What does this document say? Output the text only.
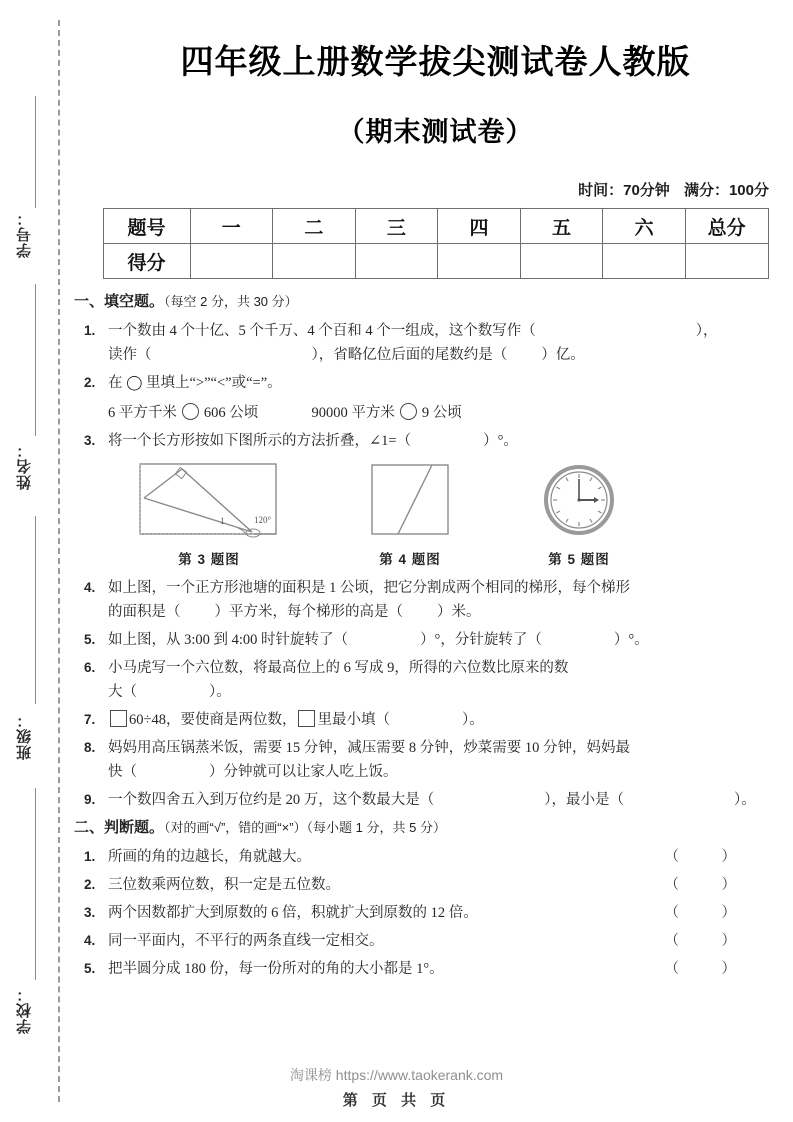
学号：
姓名：
班级：
学校：
四年级上册数学拔尖测试卷人教版
（期末测试卷）
时间：70分钟 满分：100分
题号	一	二	三	四	五	六	总分
得分							
一、填空题。（每空 2 分，共 30 分）
1. 一个数由 4 个十亿、5 个千万、4 个百和 4 个一组成，这个数写作（	），
读作（	），省略亿位后面的尾数约是（ ）亿。
2. 在 ◯ 里填上“>”“<”或“=”。
6 平方千米 606 公顷	90000 平方米 9 公顷
3. 将一个长方形按如下图所示的方法折叠，∠1=（	）°。
1	120°
第 3 题图	第 4 题图	第 5 题图
4. 如上图，一个正方形池塘的面积是 1 公顷，把它分割成两个相同的梯形，每个梯形
的面积是（ ）平方米，每个梯形的高是（ ）米。
5. 如上图，从 3:00 到 4:00 时针旋转了（	）°，分针旋转了（	）°。
6. 小马虎写一个六位数，将最高位上的 6 写成 9，所得的六位数比原来的数
大（	）。
7.	60÷48，要使商是两位数， 里最小填（	）。
8. 妈妈用高压锅蒸米饭，需要 15 分钟，减压需要 8 分钟，炒菜需要 10 分钟，妈妈最
快（	）分钟就可以让家人吃上饭。
9. 一个数四舍五入到万位约是 20 万，这个数最大是（	），最小是（	）。
二、判断题。（对的画“√”，错的画“×”）（每小题 1 分，共 5 分）
1.	（　）
所画的角的边越长，角就越大。
2.	（　）
三位数乘两位数，积一定是五位数。
3.	（　）
两个因数都扩大到原数的 6 倍，积就扩大到原数的 12 倍。
4.	（　）
同一平面内，不平行的两条直线一定相交。
5.	（　）
把半圆分成 180 份，每一份所对的角的大小都是 1°。
淘课榜 https://www.taokerank.com
第 页 共 页
